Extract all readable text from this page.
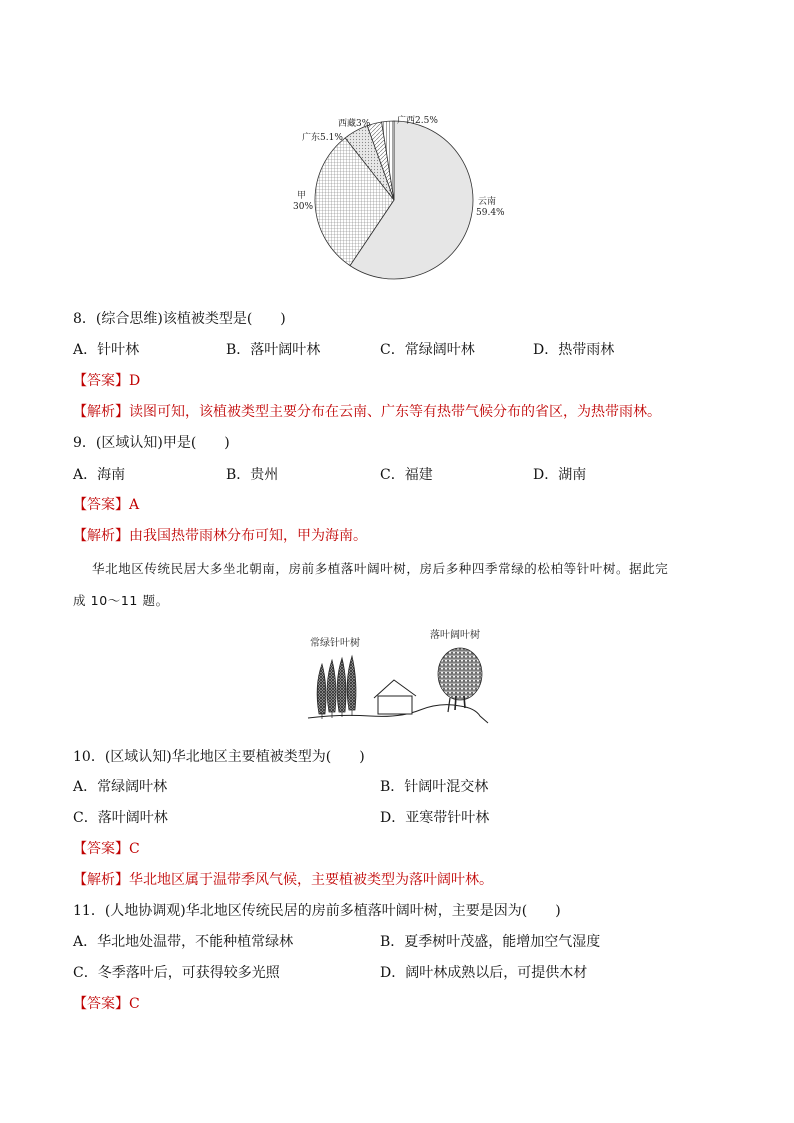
广西2.5%
西藏3%
广东5.1%
甲
30%	云南
59.4%
8．(综合思维)该植被类型是(　　)
A．针叶林	B．落叶阔叶林	C．常绿阔叶林	D．热带雨林
【答案】D
【解析】读图可知，该植被类型主要分布在云南、广东等有热带气候分布的省区，为热带雨林。
9．(区域认知)甲是(　　)
A．海南	B．贵州	C．福建	D．湖南
【答案】A
【解析】由我国热带雨林分布可知，甲为海南。
华北地区传统民居大多坐北朝南，房前多植落叶阔叶树，房后多种四季常绿的松柏等针叶树。据此完
成 10～11 题。
常绿针叶树
落叶阔叶树
10．(区域认知)华北地区主要植被类型为(　　)
A．常绿阔叶林	B．针阔叶混交林
C．落叶阔叶林	D．亚寒带针叶林
【答案】C
【解析】华北地区属于温带季风气候，主要植被类型为落叶阔叶林。
11．(人地协调观)华北地区传统民居的房前多植落叶阔叶树，主要是因为(　　)
A．华北地处温带，不能种植常绿林	B．夏季树叶茂盛，能增加空气湿度
C．冬季落叶后，可获得较多光照	D．阔叶林成熟以后，可提供木材
【答案】C
